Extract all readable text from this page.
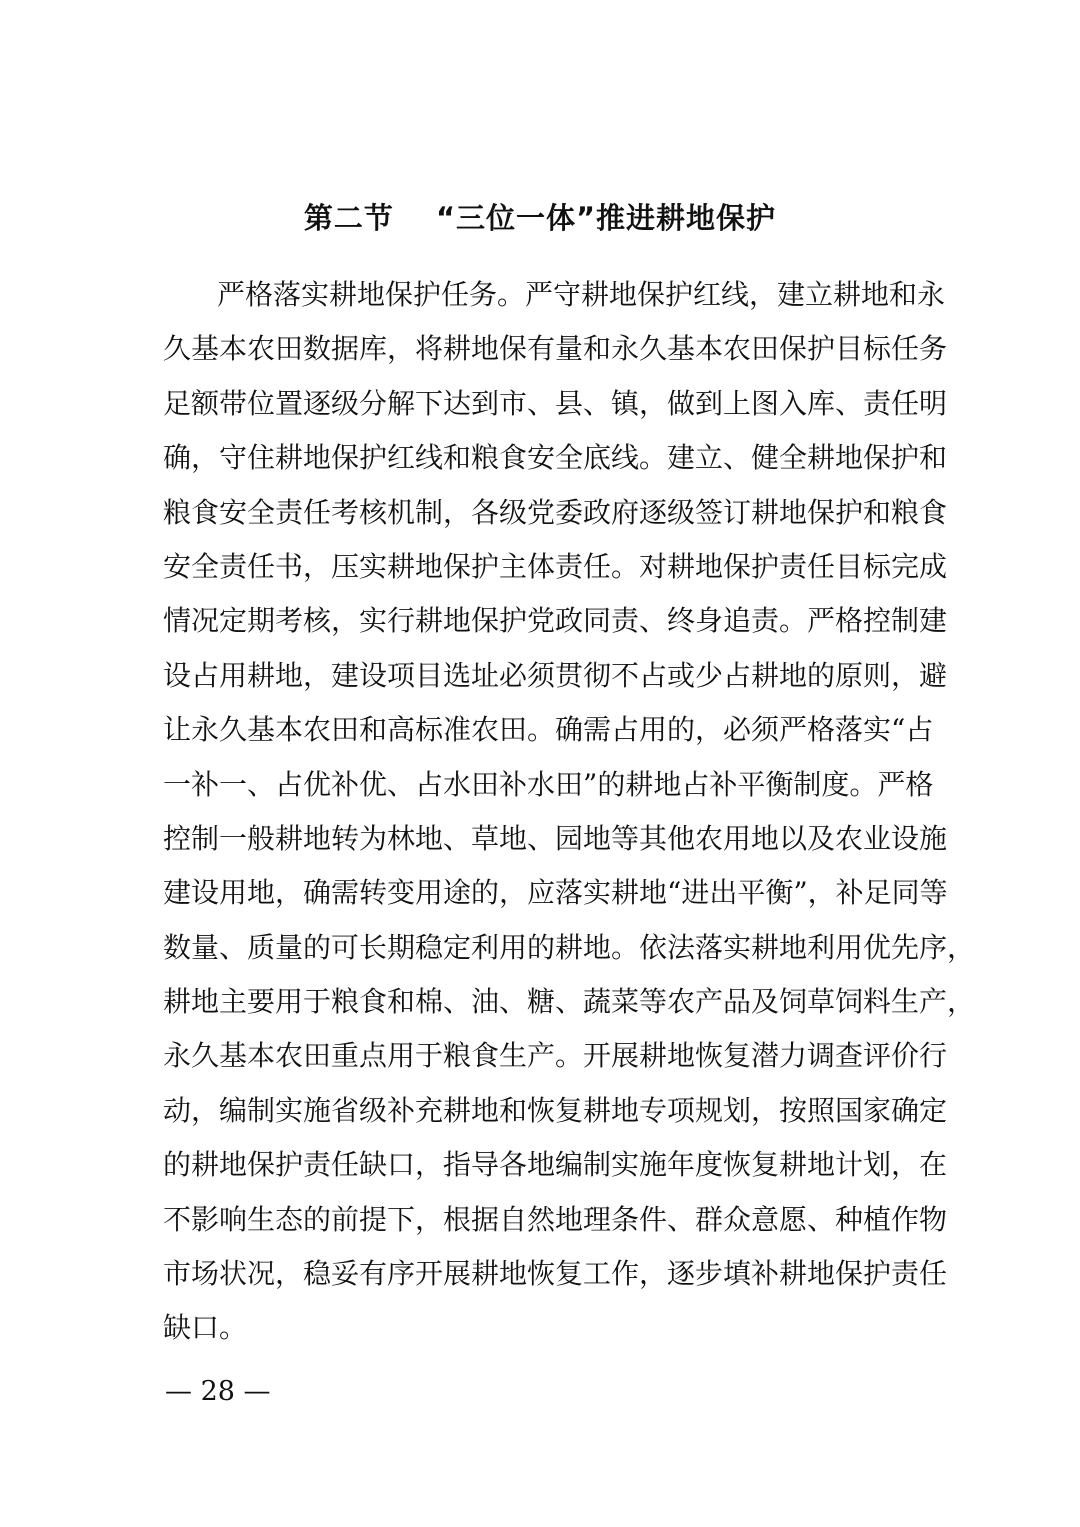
第二节 “三位一体”推进耕地保护
严格落实耕地保护任务。严守耕地保护红线，建立耕地和永
久基本农田数据库，将耕地保有量和永久基本农田保护目标任务
足额带位置逐级分解下达到市、县、镇，做到上图入库、责任明
确，守住耕地保护红线和粮食安全底线。建立、健全耕地保护和
粮食安全责任考核机制，各级党委政府逐级签订耕地保护和粮食
安全责任书，压实耕地保护主体责任。对耕地保护责任目标完成
情况定期考核，实行耕地保护党政同责、终身追责。严格控制建
设占用耕地，建设项目选址必须贯彻不占或少占耕地的原则，避
让永久基本农田和高标准农田。确需占用的，必须严格落实“占
一补一、占优补优、占水田补水田”的耕地占补平衡制度。严格
控制一般耕地转为林地、草地、园地等其他农用地以及农业设施
建设用地，确需转变用途的，应落实耕地“进出平衡”，补足同等
数量、质量的可长期稳定利用的耕地。依法落实耕地利用优先序，
耕地主要用于粮食和棉、油、糖、蔬菜等农产品及饲草饲料生产，
永久基本农田重点用于粮食生产。开展耕地恢复潜力调查评价行
动，编制实施省级补充耕地和恢复耕地专项规划，按照国家确定
的耕地保护责任缺口，指导各地编制实施年度恢复耕地计划，在
不影响生态的前提下，根据自然地理条件、群众意愿、种植作物
市场状况，稳妥有序开展耕地恢复工作，逐步填补耕地保护责任
缺口。
— 28 —
